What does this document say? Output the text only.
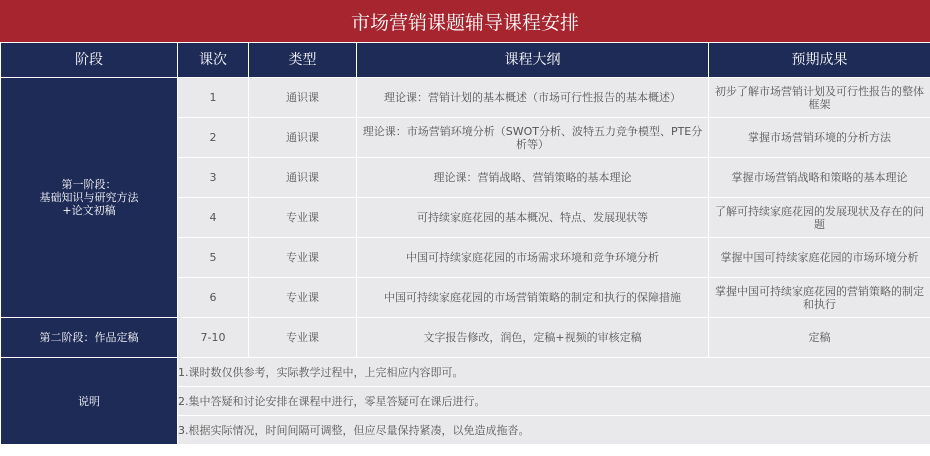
市场营销课题辅导课程安排
阶段	课次	类型	课程大纲	预期成果

第一阶段：
基础知识与研究方法
+论文初稿	1	通识课	理论课：营销计划的基本概述（市场可行性报告的基本概述）	初步了解市场营销计划及可行性报告的整体框架
	2	通识课	理论课：市场营销环境分析（SWOT分析、波特五力竞争模型、PTE分析等）	掌握市场营销环境的分析方法
	3	通识课	理论课：营销战略、营销策略的基本理论	掌握市场营销战略和策略的基本理论
	4	专业课	可持续家庭花园的基本概况、特点、发展现状等	了解可持续家庭花园的发展现状及存在的问题
	5	专业课	中国可持续家庭花园的市场需求环境和竞争环境分析	掌握中国可持续家庭花园的市场环境分析
	6	专业课	中国可持续家庭花园的市场营销策略的制定和执行的保障措施	掌握中国可持续家庭花园的营销策略的制定和执行
第二阶段：作品定稿	7-10	专业课	文字报告修改，润色，定稿+视频的审核定稿	定稿
说明	1.课时数仅供参考，实际教学过程中，上完相应内容即可。			
	2.集中答疑和讨论安排在课程中进行，零星答疑可在课后进行。			
	3.根据实际情况，时间间隔可调整，但应尽量保持紧凑，以免造成拖沓。			
